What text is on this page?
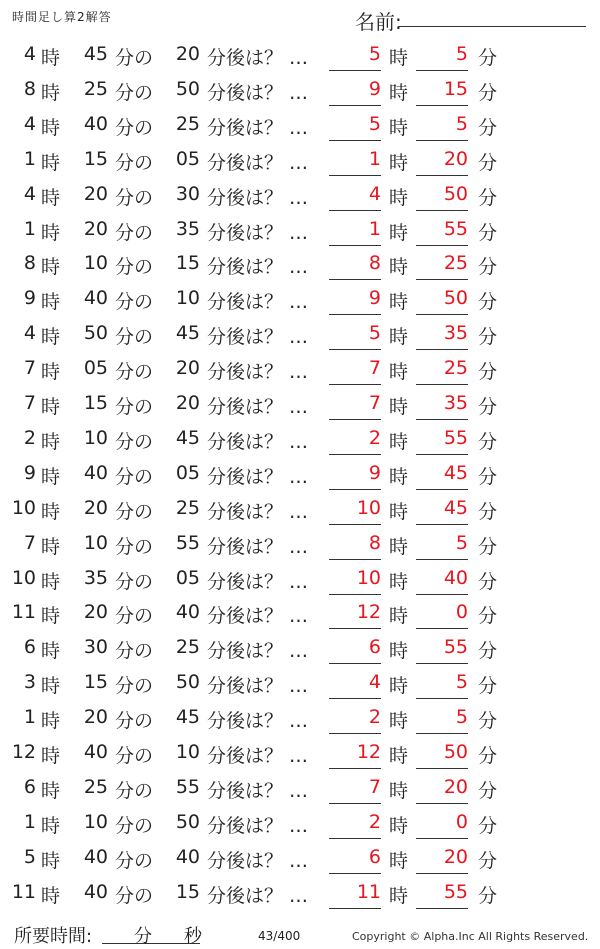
時間足し算2解答	名前:
4 時	45 分の	20 分後は？ …	5 時	5 分
8 時	25 分の	50 分後は？ …	9 時	15 分
4 時	40 分の	25 分後は？ …	5 時	5 分
1 時	15 分の	05 分後は？ …	1 時	20 分
4 時	20 分の	30 分後は？ …	4 時	50 分
1 時	20 分の	35 分後は？ …	1 時	55 分
8 時	10 分の	15 分後は？ …	8 時	25 分
9 時	40 分の	10 分後は？ …	9 時	50 分
4 時	50 分の	45 分後は？ …	5 時	35 分
7 時	05 分の	20 分後は？ …	7 時	25 分
7 時	15 分の	20 分後は？ …	7 時	35 分
2 時	10 分の	45 分後は？ …	2 時	55 分
9 時	40 分の	05 分後は？ …	9 時	45 分
10 時	20 分の	25 分後は？ …	10 時	45 分
7 時	10 分の	55 分後は？ …	8 時	5 分
10 時	35 分の	05 分後は？ …	10 時	40 分
11 時	20 分の	40 分後は？ …	12 時	0 分
6 時	30 分の	25 分後は？ …	6 時	55 分
3 時	15 分の	50 分後は？ …	4 時	5 分
1 時	20 分の	45 分後は？ …	2 時	5 分
12 時	40 分の	10 分後は？ …	12 時	50 分
6 時	25 分の	55 分後は？ …	7 時	20 分
1 時	10 分の	50 分後は？ …	2 時	0 分
5 時	40 分の	40 分後は？ …	6 時	20 分
11 時	40 分の	15 分後は？ …	11 時	55 分
所要時間: 分 秒	43/400	Copyright © Alpha.Inc All Rights Reserved.
